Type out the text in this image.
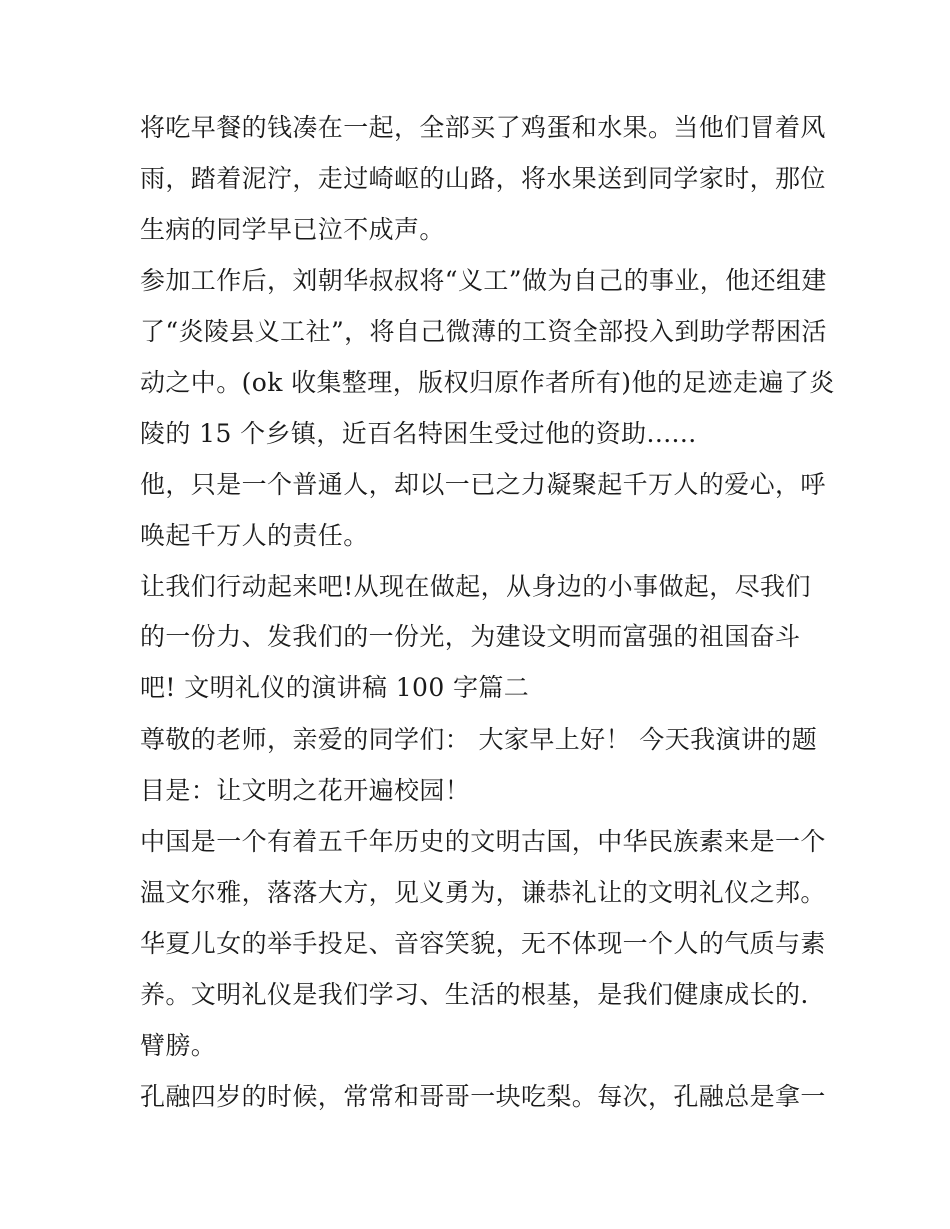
将吃早餐的钱凑在一起，全部买了鸡蛋和水果。当他们冒着风
雨，踏着泥泞，走过崎岖的山路，将水果送到同学家时，那位
生病的同学早已泣不成声。
参加工作后，刘朝华叔叔将“义工”做为自己的事业，他还组建
了“炎陵县义工社”，将自己微薄的工资全部投入到助学帮困活
动之中。(ok 收集整理，版权归原作者所有)他的足迹走遍了炎
陵的 15 个乡镇，近百名特困生受过他的资助......
他，只是一个普通人，却以一已之力凝聚起千万人的爱心，呼
唤起千万人的责任。
让我们行动起来吧!从现在做起，从身边的小事做起，尽我们
的一份力、发我们的一份光，为建设文明而富强的祖国奋斗
吧! 文明礼仪的演讲稿 100 字篇二
尊敬的老师，亲爱的同学们： 大家早上好！ 今天我演讲的题
目是：让文明之花开遍校园！
中国是一个有着五千年历史的文明古国，中华民族素来是一个
温文尔雅，落落大方，见义勇为，谦恭礼让的文明礼仪之邦。
华夏儿女的举手投足、音容笑貌，无不体现一个人的气质与素
养。文明礼仪是我们学习、生活的根基，是我们健康成长的.
臂膀。
孔融四岁的时候，常常和哥哥一块吃梨。每次，孔融总是拿一
